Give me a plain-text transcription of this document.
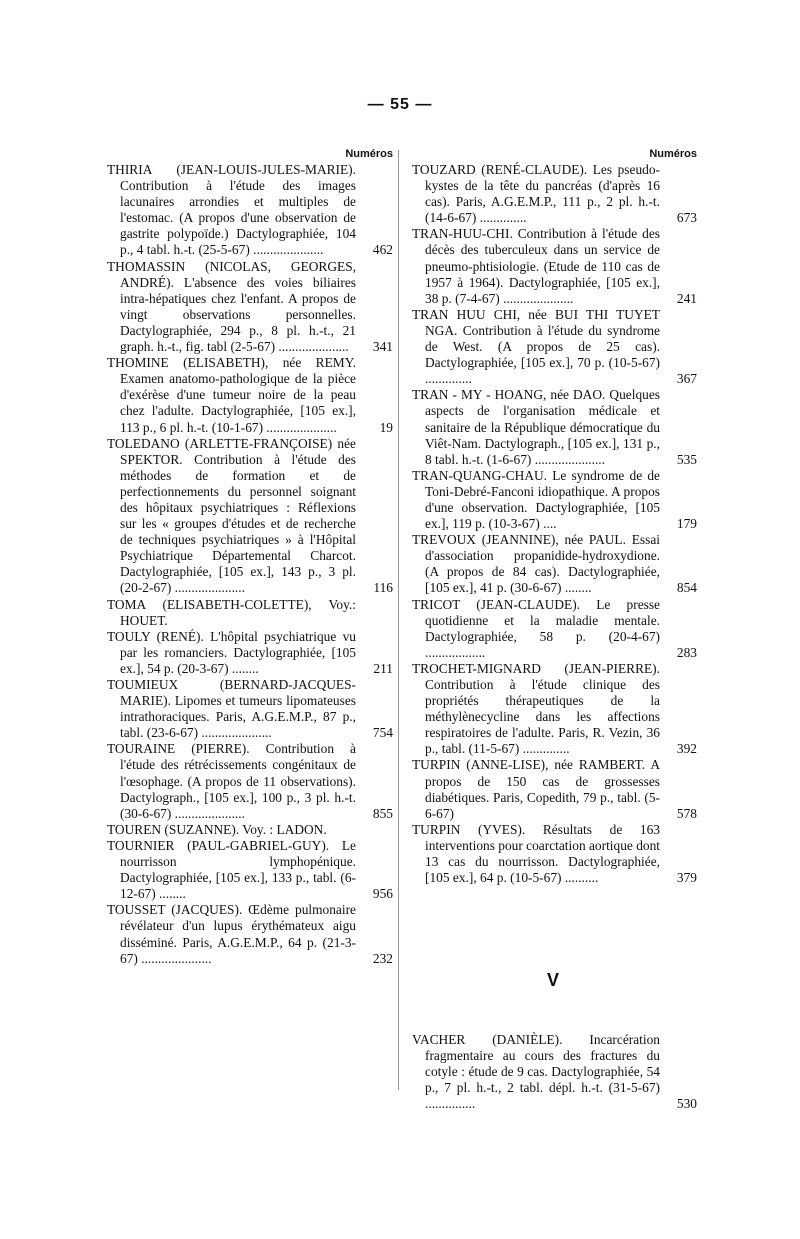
— 55 —
Numéros
THIRIA (JEAN-LOUIS-JULES-MARIE). Contribution à l'étude des images lacunaires arrondies et multiples de l'estomac. (A propos d'une observation de gastrite polypoïde.) Dactylographiée, 104 p., 4 tabl. h.-t. (25-5-67) .....................	462
THOMASSIN (NICOLAS, GEORGES, ANDRÉ). L'absence des voies biliaires intra-hépatiques chez l'enfant. A propos de vingt observations personnelles. Dactylographiée, 294 p., 8 pl. h.-t., 21 graph. h.-t., fig. tabl (2-5-67) ..................... 341
THOMINE (ELISABETH), née REMY. Examen anatomo-pathologique de la pièce d'exérèse d'une tumeur noire de la peau chez l'adulte. Dactylographiée, [105 ex.], 113 p., 6 pl. h.-t. (10-1-67) .....................	19
TOLEDANO (ARLETTE-FRANÇOISE) née SPEKTOR. Contribution à l'étude des méthodes de formation et de perfectionnements du personnel soignant des hôpitaux psychiatriques : Réflexions sur les « groupes d'études et de recherche de techniques psychiatriques » à l'Hôpital Psychiatrique Départemental Charcot. Dactylographiée, [105 ex.], 143 p., 3 pl. (20-2-67) .....................	116
TOMA (ELISABETH-COLETTE), Voy.: HOUET.
TOULY (RENÉ). L'hôpital psychiatrique vu par les romanciers. Dactylographiée, [105 ex.], 54 p. (20-3-67) ........	211
TOUMIEUX (BERNARD-JACQUES-MARIE). Lipomes et tumeurs lipomateuses intrathoraciques. Paris, A.G.E.M.P., 87 p., tabl. (23-6-67) .....................	754
TOURAINE (PIERRE). Contribution à l'étude des rétrécissements congénitaux de l'œsophage. (A propos de 11 observations). Dactylograph., [105 ex.], 100 p., 3 pl. h.-t. (30-6-67) .....................	855
TOUREN (SUZANNE). Voy. : LADON.
TOURNIER (PAUL-GABRIEL-GUY). Le nourrisson lymphopénique. Dactylographiée, [105 ex.], 133 p., tabl. (6-12-67) ........	956
TOUSSET (JACQUES). Œdème pulmonaire révélateur d'un lupus érythémateux aigu disséminé. Paris, A.G.E.M.P., 64 p. (21-3-67) .....................	232
Numéros
TOUZARD (RENÉ-CLAUDE). Les pseudo-kystes de la tête du pancréas (d'après 16 cas). Paris, A.G.E.M.P., 111 p., 2 pl. h.-t. (14-6-67) ..............	673
TRAN-HUU-CHI. Contribution à l'étude des décès des tuberculeux dans un service de pneumo-phtisiologie. (Etude de 110 cas de 1957 à 1964). Dactylographiée, [105 ex.], 38 p. (7-4-67) .....................	241
TRAN HUU CHI, née BUI THI TUYET NGA. Contribution à l'étude du syndrome de West. (A propos de 25 cas). Dactylographiée, [105 ex.], 70 p. (10-5-67) ..............	367
TRAN - MY - HOANG, née DAO. Quelques aspects de l'organisation médicale et sanitaire de la République démocratique du Viêt-Nam. Dactylograph., [105 ex.], 131 p., 8 tabl. h.-t. (1-6-67) .....................	535
TRAN-QUANG-CHAU. Le syndrome de de Toni-Debré-Fanconi idiopathique. A propos d'une observation. Dactylographiée, [105 ex.], 119 p. (10-3-67) ....	179
TREVOUX (JEANNINE), née PAUL. Essai d'association propanidide-hydroxydione. (A propos de 84 cas). Dactylographiée, [105 ex.], 41 p. (30-6-67) ........	854
TRICOT (JEAN-CLAUDE). Le presse quotidienne et la maladie mentale. Dactylographiée, 58 p. (20-4-67) ..................	283
TROCHET-MIGNARD (JEAN-PIERRE). Contribution à l'étude clinique des propriétés thérapeutiques de la méthylènecycline dans les affections respiratoires de l'adulte. Paris, R. Vezin, 36 p., tabl. (11-5-67) ..............	392
TURPIN (ANNE-LISE), née RAMBERT. A propos de 150 cas de grossesses diabétiques. Paris, Copedith, 79 p., tabl. (5-6-67)	578
TURPIN (YVES). Résultats de 163 interventions pour coarctation aortique dont 13 cas du nourrisson. Dactylographiée, [105 ex.], 64 p. (10-5-67) ..........	379
V
VACHER (DANIÈLE). Incarcération fragmentaire au cours des fractures du cotyle : étude de 9 cas. Dactylographiée, 54 p., 7 pl. h.-t., 2 tabl. dépl. h.-t. (31-5-67) ...............	530
